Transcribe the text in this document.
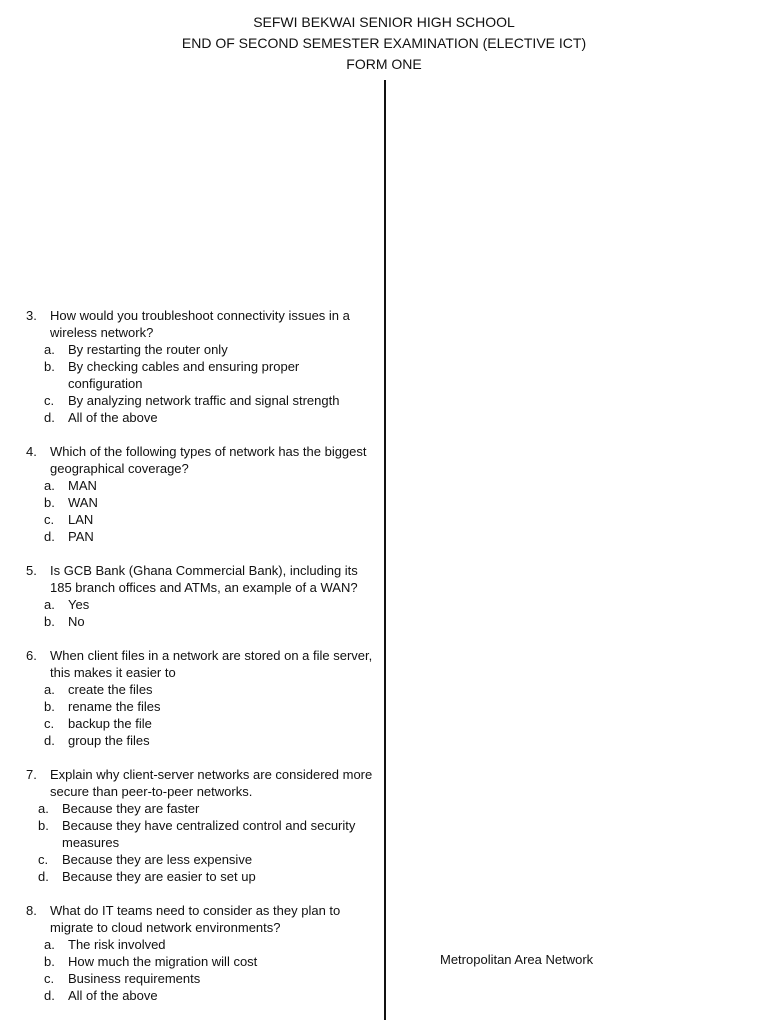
SEFWI BEKWAI SENIOR HIGH SCHOOL
END OF SECOND SEMESTER EXAMINATION (ELECTIVE ICT)
FORM ONE
3.	How would you troubleshoot connectivity issues in a wireless network?
a.	By restarting the router only
b.	By checking cables and ensuring proper configuration
c.	By analyzing network traffic and signal strength
d.	All of the above
4.	Which of the following types of network has the biggest geographical coverage?
a.	MAN
b.	WAN
c.	LAN
d.	PAN
5.	Is GCB Bank (Ghana Commercial Bank), including its 185 branch offices and ATMs, an example of a WAN?
a.	Yes
b.	No
6.	When client files in a network are stored on a file server, this makes it easier to
a.	create the files
b.	rename the files
c.	backup the file
d.	group the files
7.	Explain why client-server networks are considered more secure than peer-to-peer networks.
a.	Because they are faster
b.	Because they have centralized control and security measures
c.	Because they are less expensive
d.	Because they are easier to set up
8.	What do IT teams need to consider as they plan to migrate to cloud network environments?
a.	The risk involved
b.	How much the migration will cost
c.	Business requirements
d.	All of the above
Metropolitan Area Network
